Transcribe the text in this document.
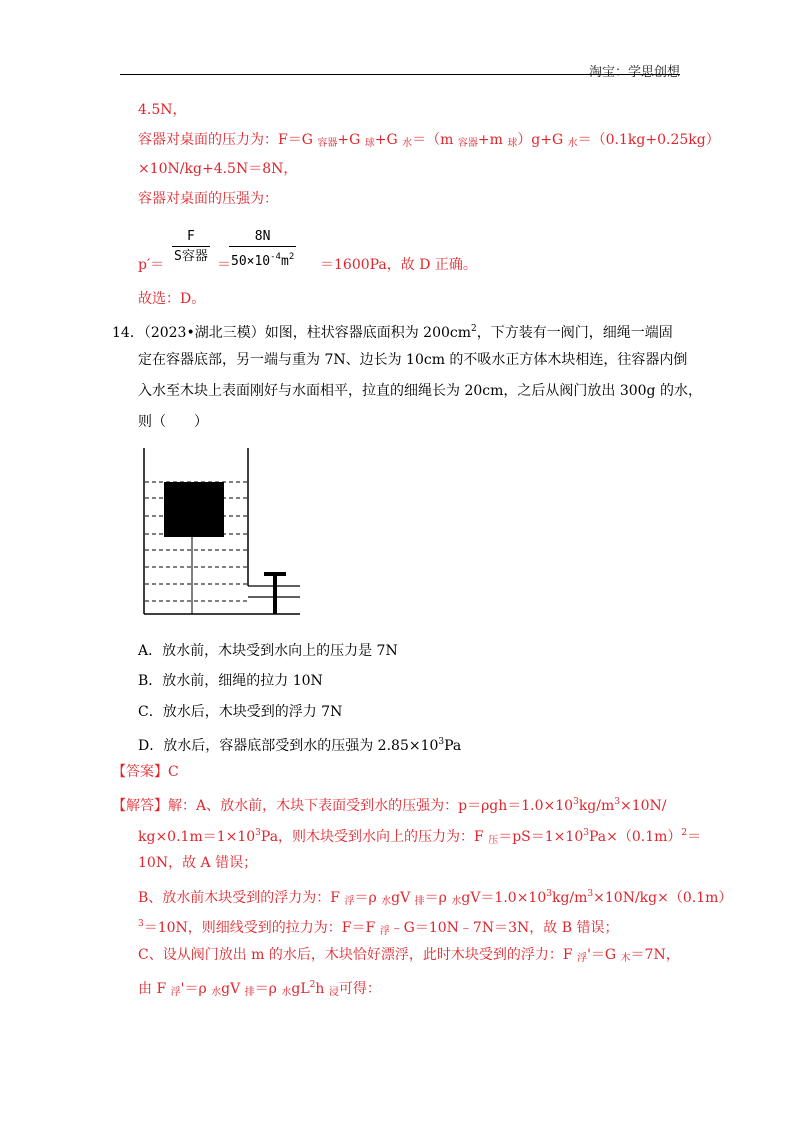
淘宝：学思创想
4.5N，
容器对桌面的压力为：F＝G $_{容器}$+G $_球$+G $_水$＝（m $_{容器}$+m $_球$）g+G $_水$＝（0.1kg+0.25kg）
×10N/kg+4.5N＝8N，
容器对桌面的压强为：
p′＝
F
S容器
＝
$\frac{8N}{50\times 10^{-4}m^2} =1600Pa$，故 D 正确。
故选：D。
14．（2023•湖北三模）如图，柱状容器底面积为 $200cm^2$，下方装有一阀门，细绳一端固
定在容器底部，另一端与重为 7N、边长为 10cm 的不吸水正方体木块相连，往容器内倒
入水至木块上表面刚好与水面相平，拉直的细绳长为 20cm，之后从阀门放出 300g 的水，
则（　　）
A．放水前，木块受到水向上的压力是 7N
B．放水前，细绳的拉力 10N
C．放水后，木块受到的浮力 7N
D．放水后，容器底部受到水的压强为 $2.85\times 10^3Pa$
【答案】C
【解答】解：A、放水前，木块下表面受到水的压强为：$p=\rho gh=1.0\times 10^3kg/m^3\times 10N/$
$kg\times 0.1m=1\times 10^3Pa$，则木块受到水向上的压力为：F $_压=pS=1\times 10^3Pa\times(0.1m)^2=$
10N，故 A 错误；
B、放水前木块受到的浮力为：F $_浮$＝ρ $_水$gV $_排$＝ρ $_水gV=1.0\times 10^3kg/m^3\times 10N/kg\times(0.1m)$
$^3$＝10N，则细线受到的拉力为：F＝F $_浮$﹣G＝10N﹣7N＝3N，故 B 错误；
C、设从阀门放出 m 的水后，木块恰好漂浮，此时木块受到的浮力：F $_浮$'＝G $_木$＝7N，
由 F $_浮$'＝ρ $_水$gV $_排$＝ρ $_水gL^2h$ $_浸$可得：
